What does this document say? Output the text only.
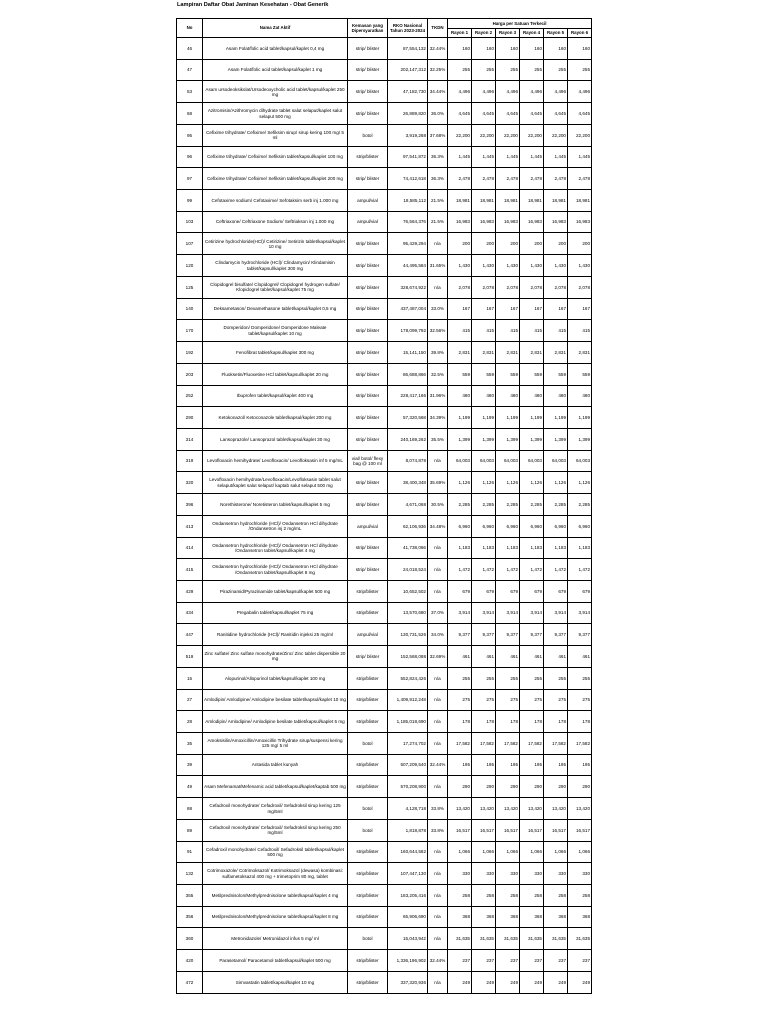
Lampiran Daftar Obat Jaminan Kesehatan - Obat Generik
No	Nama Zat Aktif	Kemasan yang Dipersyaratkan	RKO Nasional Tahun 2023-2024	TKDN	Harga per Satuan Terkecil					
					Rayon 1	Rayon 2	Rayon 3	Rayon 4	Rayon 5	Rayon 6
46	Asam Folat/folic acid tablet/kapsul/kaplet 0,4 mg	strip/ blister	87,554,132	32.44%	160	160	160	160	160	160
47	Asam Folat/folic acid tablet/kapsul/kaplet 1 mg	strip/ blister	202,147,312	32.25%	255	255	255	255	255	255
53	Asam ursodeoksikolat/Ursodeoxycholic acid tablet/kapsul/kaplet 250 mg	strip/ blister	47,182,730	34.44%	4,496	4,496	4,496	4,496	4,496	4,496
68	Azitromisin/Azithromycin dihydrate tablet salut selaput/kaplet salut selaput 500 mg	strip/ blister	26,889,820	36.0%	4,645	4,645	4,645	4,645	4,645	4,645
95	Cefixime trihydrate/ Cefixime/ Sefiksim sirup/ sirup kering 100 mg/ 5 ml	botol	3,919,268	37.68%	22,200	22,200	22,200	22,200	22,200	22,200
96	Cefixime trihydrate/ Cefixime/ Sefiksim tablet/kapsul/kaplet 100 mg	strip/blister	97,541,872	36.3%	1,445	1,445	1,445	1,445	1,445	1,445
97	Cefixime trihydrate/ Cefixime/ Sefiksim tablet/kapsul/kaplet 200 mg	strip/ blister	74,412,618	36.3%	2,478	2,478	2,478	2,478	2,478	2,478
99	Cefotaxime sodium/ Cefotaxime/ Sefotaksim serb inj 1.000 mg	ampul/vial	18,585,112	21.5%	18,981	18,981	18,981	18,981	18,981	18,981
103	Ceftriaxone/ Ceftriaxone Sodium/ Seftriakson inj 1.000 mg	ampul/vial	76,564,376	21.5%	16,983	16,983	16,983	16,983	16,983	16,983
107	Cetirizine hydrochloride(HCl)/ Cetirizine/ Setirizin tablet/kapsul/kaplet 10 mg	strip/ blister	95,429,294	n/a	200	200	200	200	200	200
120	Clindamycin hydrochloride (HCl)/ Clindamycin/ Klindamisin tablet/kapsul/kaplet 300 mg	strip/ blister	44,495,584	31.65%	1,430	1,430	1,430	1,430	1,430	1,430
125	Clopidogrel bisulfate/ Clopidogrel/ Clopidogrel hydrogen sulfate/ Klopidogrel tablet/kapsul/kaplet 75 mg	strip/ blister	328,674,922	n/a	2,078	2,078	2,078	2,078	2,078	2,078
140	Deksametason/ Dexamethasone tablet/kapsul/kaplet 0,5 mg	strip/ blister	437,487,004	33.0%	167	167	167	167	167	167
170	Domperidon/ Domperidone/ Domperidone Maleate tablet/kapsul/kaplet 10 mg	strip/ blister	178,099,792	32.56%	415	415	415	415	415	415
192	Fenofibrat tablet/kapsul/kaplet 300 mg	strip/ blister	15,141,150	39.8%	2,831	2,831	2,831	2,831	2,831	2,831
203	Fluoksetin/Fluoxetine HCl tablet/kapsul/kaplet 20 mg	strip/ blister	86,688,866	32.5%	559	559	559	559	559	559
252	Ibuprofen tablet/kapsul/kaplet 400 mg	strip/ blister	228,417,166	31.96%	480	480	480	480	480	480
290	Ketokonazol/ Ketoconazole tablet/kapsul/kaplet 200 mg	strip/ blister	57,320,568	34.39%	1,199	1,199	1,199	1,199	1,199	1,199
314	Lansoprazole/ Lansoprazol tablet/kapsul/kaplet 30 mg	strip/ blister	240,169,262	35.5%	1,399	1,399	1,399	1,399	1,399	1,399
319	Levofloxacin hemihydrate/ Levofloxacin/ Levofloksasin inf 5 mg/mL	vial/ botol/ flexy bag @ 100 ml	8,074,878	n/a	64,003	64,003	64,003	64,003	64,003	64,003
320	Levofloxacin hemihydrate/Levofloxacin/Levofloksasin tablet salut selaput/kaplet salut selaput/ kaptab salut selaput 500 mg	strip/ blister	38,400,348	35.69%	1,126	1,126	1,126	1,126	1,126	1,126
396	Norethisterone/ Noretisteron tablet/kapsul/kaplet 5 mg	strip/ blister	4,671,068	30.5%	2,285	2,285	2,285	2,285	2,285	2,285
413	Ondansetron hydrochloride (HCl)/ Ondansetron HCl dihydrate /Ondansetron inj 2 mg/mL	ampul/vial	62,106,936	34.48%	6,960	6,960	6,960	6,960	6,960	6,960
414	Ondansetron hydrochloride (HCl)/ Ondansetron HCl dihydrate /Ondansetron tablet/kapsul/kaplet 4 mg	strip/ blister	41,738,066	n/a	1,183	1,183	1,183	1,183	1,183	1,183
415	Ondansetron hydrochloride (HCl)/ Ondansetron HCl dihydrate /Ondansetron tablet/kapsul/kaplet 8 mg	strip/ blister	24,018,524	n/a	1,472	1,472	1,472	1,472	1,472	1,472
429	Pirazinamid/Pyrazinamide tablet/kapsul/kaplet 500 mg	strip/blister	10,652,502	n/a	679	679	679	679	679	679
434	Pregabalin tablet/kapsul/kaplet 75 mg	strip/blister	13,570,680	37.0%	3,914	3,914	3,914	3,914	3,914	3,914
447	Ranitidine hydrochloride (HCl)/ Ranitidin injeksi 25 mg/ml	ampul/vial	130,731,526	34.0%	9,377	9,377	9,377	9,377	9,377	9,377
519	Zinc sulfate/ Zinc sulfate monohydrate/Zinc/ Zinc tablet dispersible 20 mg	strip/ blister	152,568,088	32.69%	461	461	461	461	461	461
15	Alopurinol/Allopurinol tablet/kapsul/kaplet 100 mg	strip/blister	552,824,426	n/a	255	255	255	255	255	255
27	Amlodipin/ Amlodipine/ Amlodipine besilate tablet/kapsul/kaplet 10 mg	strip/blister	1,409,912,248	n/a	275	275	275	275	275	275
28	Amlodipin/ Amlodipine/ Amlodipine besilate tablet/kapsul/kaplet 5 mg	strip/blister	1,185,018,690	n/a	178	178	178	178	178	178
35	Amoksisilin/Amoxicillin/Amoxicillin Trihydrate sirup/suspensi kering 125 mg/ 5 ml	botol	17,274,702	n/a	17,582	17,582	17,582	17,582	17,582	17,582
39	Antasida tablet kunyah	strip/blister	507,209,540	32.44%	195	195	195	195	195	195
49	Asam Mefenamat/Mefenamic acid tablet/kapsul/kaplet/kaptab 500 mg	strip/blister	570,208,900	n/a	290	290	290	290	290	290
88	Cefadroxil monohydrate/ Cefadroxil/ Sefadroksil sirup kering 125 mg/5ml	botol	4,128,718	33.8%	13,420	13,420	13,420	13,420	13,420	13,420
89	Cefadroxil monohydrate/ Cefadroxil/ Sefadroksil sirup kering 250 mg/5ml	botol	1,818,878	33.8%	16,517	16,517	16,517	16,517	16,517	16,517
91	Cefadroxil monohydrate/ Cefadroxil/ Sefadroksil tablet/kapsul/kaplet 500 mg	strip/blister	160,644,582	n/a	1,066	1,066	1,066	1,066	1,066	1,066
132	Cotrimoxazole/ Cotrimoksazol/ Kotrimoksazol (dewasa) kombinasi: sulfametoksazol 400 mg + trimetoprim 80 mg, tablet	strip/blister	107,447,130	n/a	330	330	330	330	330	330
355	Metilprednisolon/Methylprednisolone tablet/kapsul/kaplet 4 mg	strip/blister	183,205,416	n/a	258	258	258	258	258	258
356	Metilprednisolon/Methylprednisolone tablet/kapsul/kaplet 8 mg	strip/blister	65,906,690	n/a	368	368	368	368	368	368
360	Metronidazole/ Metronidazol infus 5 mg/ ml	botol	15,043,942	n/a	31,635	31,635	31,635	31,635	31,635	31,635
420	Parasetamol/ Paracetamol tablet/kapsul/kaplet 500 mg	strip/blister	1,336,196,902	32.44%	237	237	237	237	237	237
472	Simvastatin tablet/kapsul/kaplet 10 mg	strip/blister	337,320,936	n/a	249	249	249	249	249	249
